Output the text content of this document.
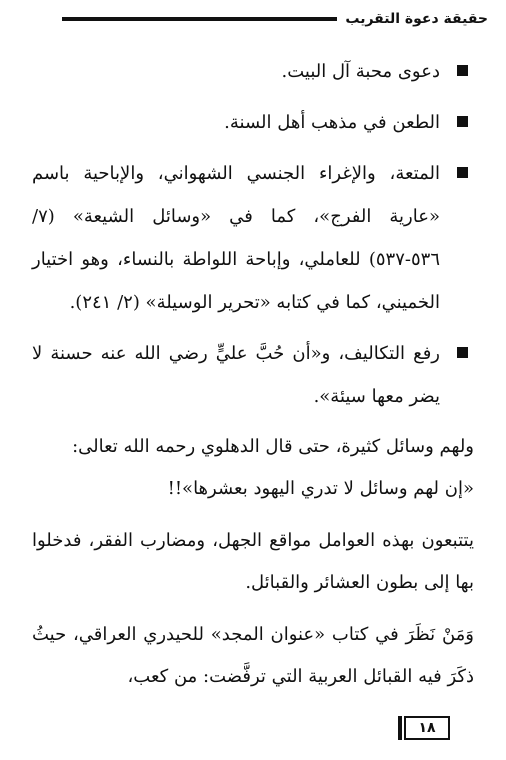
حقيقة دعوة التقريب
دعوى محبة آل البيت.
الطعن في مذهب أهل السنة.
المتعة، والإغراء الجنسي الشهواني، والإباحية باسم «عارية الفرج»، كما في «وسائل الشيعة» (٧/ ٥٣٦-٥٣٧) للعاملي، وإباحة اللواطة بالنساء، وهو اختيار الخميني، كما في كتابه «تحرير الوسيلة» (٢/ ٢٤١).
رفع التكاليف، و«أن حُبَّ عليٍّ رضي الله عنه حسنة لا يضر معها سيئة».

ولهم وسائل كثيرة، حتى قال الدهلوي رحمه الله تعالى:

«إن لهم وسائل لا تدري اليهود بعشرها»!!

يتتبعون بهذه العوامل مواقع الجهل، ومضارب الفقر، فدخلوا بها إلى بطون العشائر والقبائل.

وَمَنْ نَظَرَ في كتاب «عنوان المجد» للحيدري العراقي، حيثُ ذكَرَ فيه القبائل العربية التي ترفَّضت: من كعب،

١٨
